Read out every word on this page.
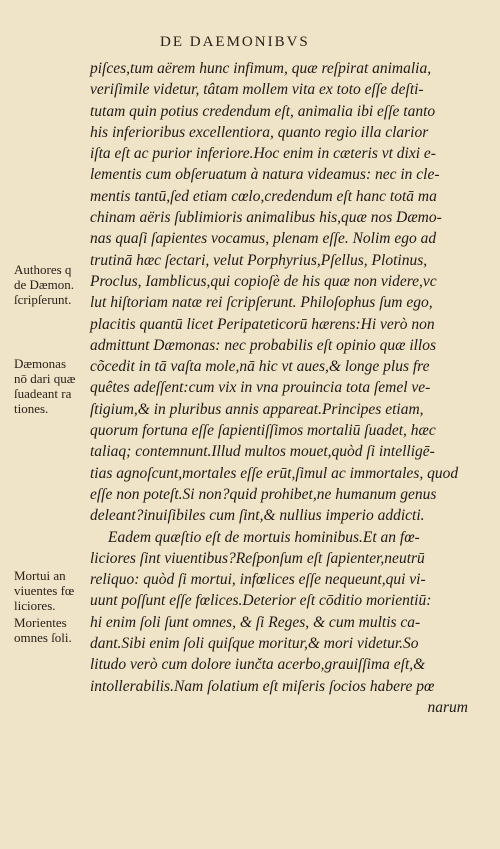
DE DAEMONIBVS
piſces,tum aërem hunc infimum, quæ reſpirat animalia,
veriſimile videtur, tâtam mollem vita ex toto eſſe deſti-
tutam quin potius credendum eſt, animalia ibi eſſe tanto
his inferioribus excellentiora, quanto regio illa clarior
iſta eſt ac purior inferiore.Hoc enim in cæteris vt dixi e-
lementis cum obſeruatum à natura videamus: nec in cle-
mentis tantū,ſed etiam cœlo,credendum eſt hanc totā ma
chinam aëris ſublimioris animalibus his,quæ nos Dæmo-
nas quaſi ſapientes vocamus, plenam eſſe. Nolim ego ad
trutinā hæc ſectari, velut Porphyrius,Pſellus, Plotinus,
Proclus, Iamblicus,qui copioſè de his quæ non videre,vc
lut hiſtoriam natæ rei ſcripſerunt. Philoſophus ſum ego,
placitis quantū licet Peripateticorū hærens:Hi verò non
admittunt Dæmonas: nec probabilis eſt opinio quæ illos
cõcedit in tā vaſta mole,nā hic vt aues,& longe plus fre
quêtes adeſſent:cum vix in vna prouincia tota ſemel ve-
ſtigium,& in pluribus annis appareat.Principes etiam,
quorum fortuna eſſe ſapientiſſimos mortaliū ſuadet, hæc
taliaq; contemnunt.Illud multos mouet,quòd ſi intelligē-
tias agnoſcunt,mortales eſſe erūt,ſimul ac immortales, quod
eſſe non poteſt.Si non?quid prohibet,ne humanum genus
deleant?inuiſibiles cum ſint,& nullius imperio addicti.
Eadem quæſtio eſt de mortuis hominibus.Et an fœ-
liciores ſint viuentibus?Reſponſum eſt ſapienter,neutrū
reliquo: quòd ſi mortui, infœlices eſſe nequeunt,qui vi-
uunt poſſunt eſſe fœlices.Deterior eſt cōditio morientiū:
hi enim ſoli ſunt omnes, & ſi Reges, & cum multis ca-
dant.Sibi enim ſoli quiſque moritur,& mori videtur.So
litudo verò cum dolore iunčta acerbo,grauiſſima eſt,&
intollerabilis.Nam ſolatium eſt miſeris ſocios habere pœ
narum
Authores q
de Dæmon.
ſcripſerunt.
Dæmonas
nō dari quæ
ſuadeant ra
tiones.
Mortui an
viuentes fœ
liciores.
Morientes
omnes ſoli.
